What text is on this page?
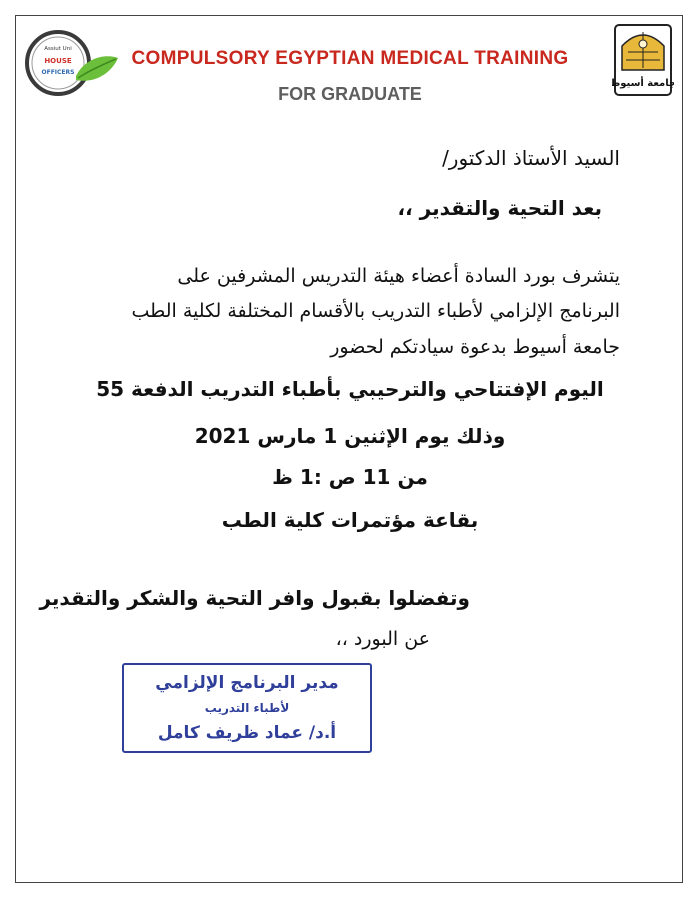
Assiut Uni
HOUSE
OFFICERS
جامعة أسيوط
COMPULSORY EGYPTIAN MEDICAL TRAINING
FOR GRADUATE
السيد الأستاذ الدكتور/
بعد التحية والتقدير ،،
يتشرف بورد السادة أعضاء هيئة التدريس المشرفين على
البرنامج الإلزامي لأطباء التدريب بالأقسام المختلفة لكلية الطب
جامعة أسيوط بدعوة سيادتكم لحضور
اليوم الإفتتاحي والترحيبي بأطباء التدريب الدفعة 55
وذلك يوم الإثنين 1 مارس 2021
من 11 ص :1 ظ
بقاعة مؤتمرات كلية الطب
وتفضلوا بقبول وافر التحية والشكر والتقدير
عن البورد ،،
مدير البرنامج الإلزامي
لأطباء التدريب
أ.د/ عماد ظريف كامل
